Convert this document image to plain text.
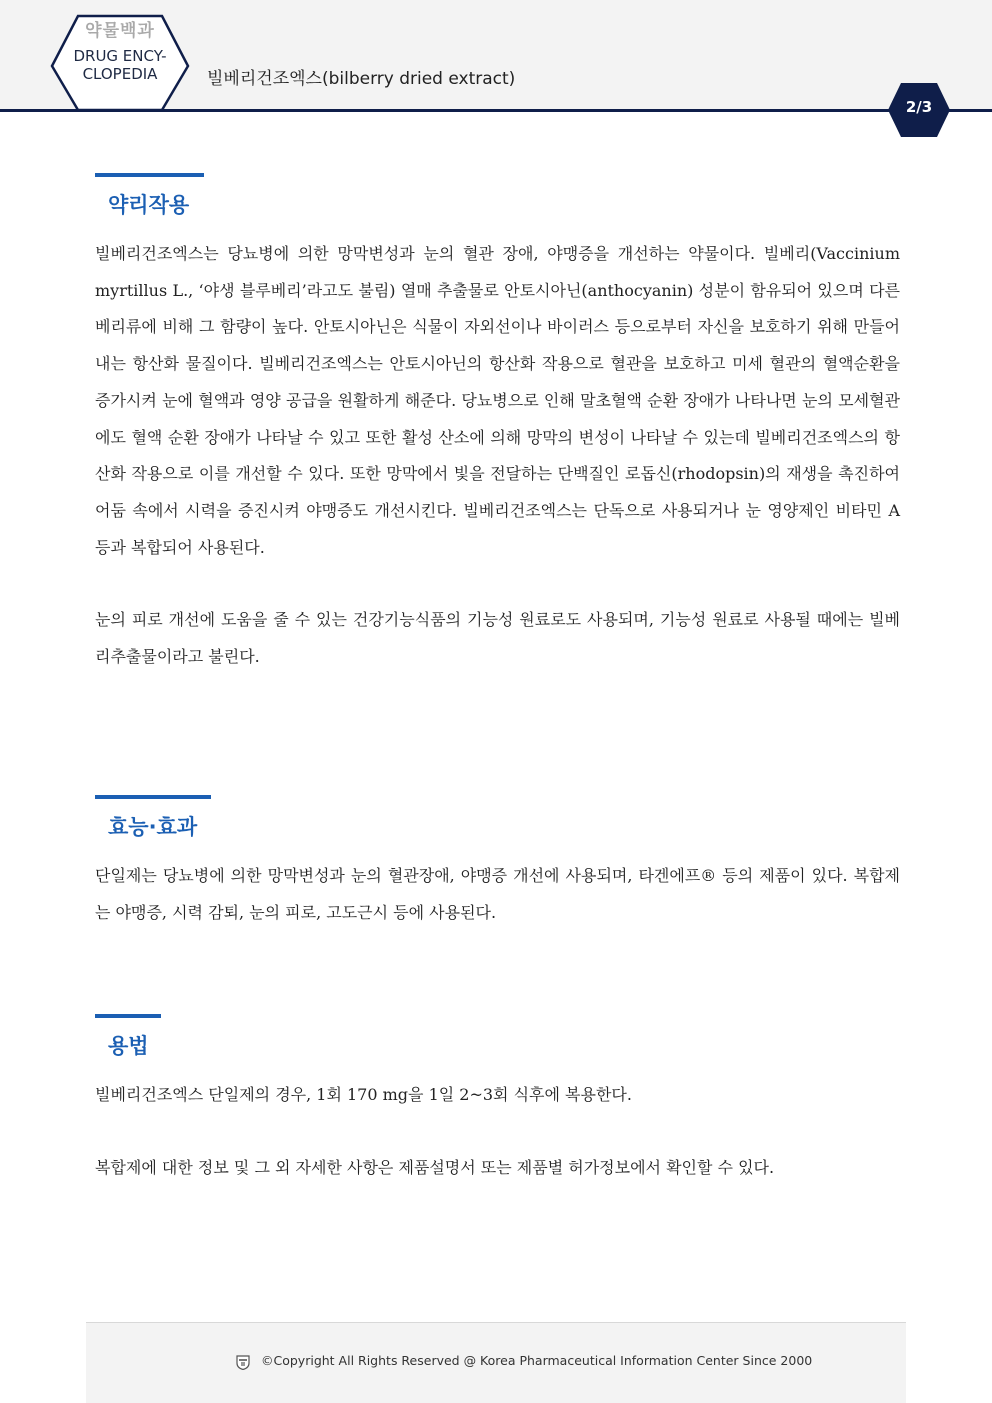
약물백과
DRUG ENCY-
CLOPEDIA	빌베리건조엑스(bilberry dried extract)
2/3
약리작용

빌베리건조엑스는 당뇨병에 의한 망막변성과 눈의 혈관 장애, 야맹증을 개선하는 약물이다. 빌베리(Vaccinium myrtillus L., ‘야생 블루베리’라고도 불림) 열매 추출물로 안토시아닌(anthocyanin) 성분이 함유되어 있으며 다른 베리류에 비해 그 함량이 높다. 안토시아닌은 식물이 자외선이나 바이러스 등으로부터 자신을 보호하기 위해 만들어내는 항산화 물질이다. 빌베리건조엑스는 안토시아닌의 항산화 작용으로 혈관을 보호하고 미세 혈관의 혈액순환을 증가시켜 눈에 혈액과 영양 공급을 원활하게 해준다. 당뇨병으로 인해 말초혈액 순환 장애가 나타나면 눈의 모세혈관에도 혈액 순환 장애가 나타날 수 있고 또한 활성 산소에 의해 망막의 변성이 나타날 수 있는데 빌베리건조엑스의 항산화 작용으로 이를 개선할 수 있다. 또한 망막에서 빛을 전달하는 단백질인 로돕신(rhodopsin)의 재생을 촉진하여 어둠 속에서 시력을 증진시켜 야맹증도 개선시킨다. 빌베리건조엑스는 단독으로 사용되거나 눈 영양제인 비타민 A 등과 복합되어 사용된다.

눈의 피로 개선에 도움을 줄 수 있는 건강기능식품의 기능성 원료로도 사용되며, 기능성 원료로 사용될 때에는 빌베리추출물이라고 불린다.

효능·효과

단일제는 당뇨병에 의한 망막변성과 눈의 혈관장애, 야맹증 개선에 사용되며, 타겐에프® 등의 제품이 있다. 복합제는 야맹증, 시력 감퇴, 눈의 피로, 고도근시 등에 사용된다.

용법

빌베리건조엑스 단일제의 경우, 1회 170 mg을 1일 2~3회 식후에 복용한다.

복합제에 대한 정보 및 그 외 자세한 사항은 제품설명서 또는 제품별 허가정보에서 확인할 수 있다.

©Copyright All Rights Reserved @ Korea Pharmaceutical Information Center Since 2000
